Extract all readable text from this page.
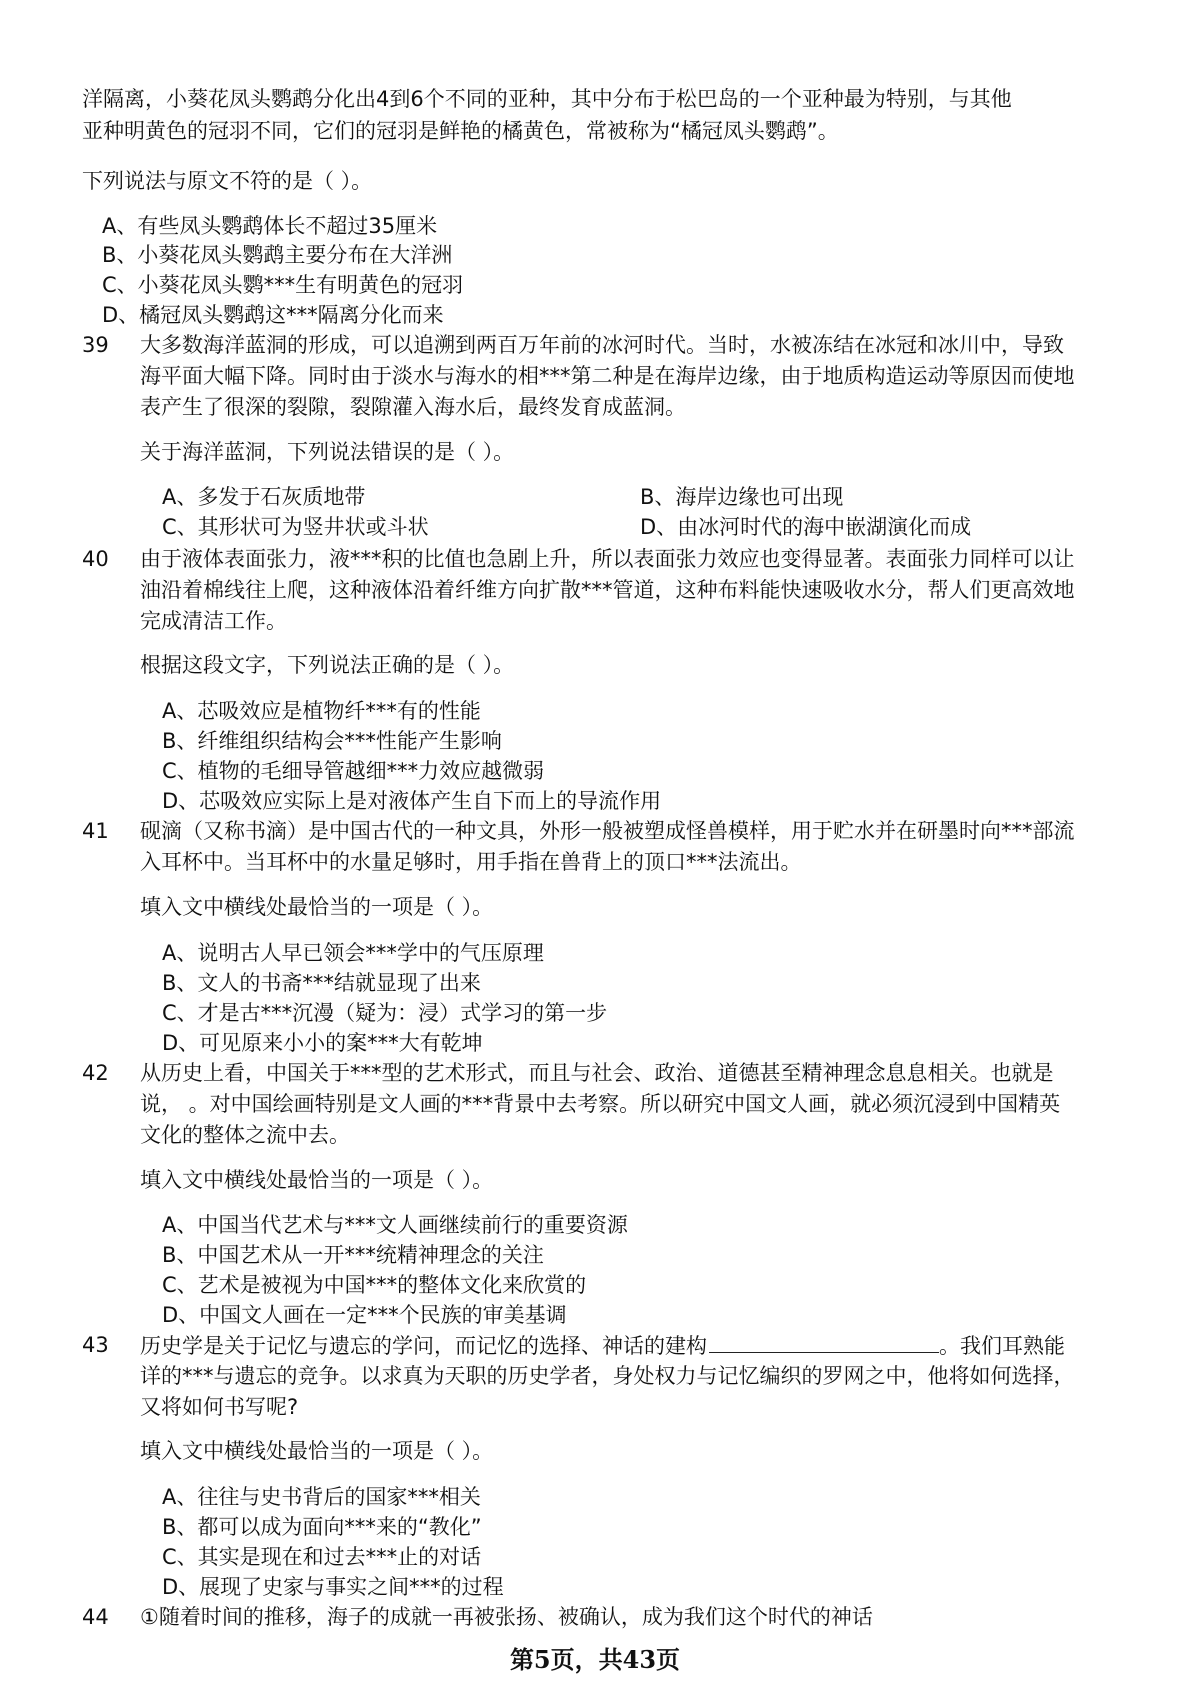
洋隔离，小葵花凤头鹦鹉分化出4到6个不同的亚种，其中分布于松巴岛的一个亚种最为特别，与其他
亚种明黄色的冠羽不同，它们的冠羽是鲜艳的橘黄色，常被称为“橘冠凤头鹦鹉”。
下列说法与原文不符的是（ ）。
A、有些凤头鹦鹉体长不超过35厘米
B、小葵花凤头鹦鹉主要分布在大洋洲
C、小葵花凤头鹦***生有明黄色的冠羽
D、橘冠凤头鹦鹉这***隔离分化而来
39 大多数海洋蓝洞的形成，可以追溯到两百万年前的冰河时代。当时，水被冻结在冰冠和冰川中，导致
海平面大幅下降。同时由于淡水与海水的相***第二种是在海岸边缘，由于地质构造运动等原因而使地
表产生了很深的裂隙，裂隙灌入海水后，最终发育成蓝洞。
关于海洋蓝洞，下列说法错误的是（ ）。
A、多发于石灰质地带	B、海岸边缘也可出现
C、其形状可为竖井状或斗状	D、由冰河时代的海中嵌湖演化而成
40 由于液体表面张力，液***积的比值也急剧上升，所以表面张力效应也变得显著。表面张力同样可以让
油沿着棉线往上爬，这种液体沿着纤维方向扩散***管道，这种布料能快速吸收水分，帮人们更高效地
完成清洁工作。
根据这段文字，下列说法正确的是（ ）。
A、芯吸效应是植物纤***有的性能
B、纤维组织结构会***性能产生影响
C、植物的毛细导管越细***力效应越微弱
D、芯吸效应实际上是对液体产生自下而上的导流作用
41 砚滴（又称书滴）是中国古代的一种文具，外形一般被塑成怪兽模样，用于贮水并在研墨时向***部流
入耳杯中。当耳杯中的水量足够时，用手指在兽背上的顶口***法流出。
填入文中横线处最恰当的一项是（ ）。
A、说明古人早已领会***学中的气压原理
B、文人的书斋***结就显现了出来
C、才是古***沉漫（疑为：浸）式学习的第一步
D、可见原来小小的案***大有乾坤
42 从历史上看，中国关于***型的艺术形式，而且与社会、政治、道德甚至精神理念息息相关。也就是
说， 。对中国绘画特别是文人画的***背景中去考察。所以研究中国文人画，就必须沉浸到中国精英
文化的整体之流中去。
填入文中横线处最恰当的一项是（ ）。
A、中国当代艺术与***文人画继续前行的重要资源
B、中国艺术从一开***统精神理念的关注
C、艺术是被视为中国***的整体文化来欣赏的
D、中国文人画在一定***个民族的审美基调
43 历史学是关于记忆与遗忘的学问，而记忆的选择、神话的建构	。我们耳熟能
详的***与遗忘的竞争。以求真为天职的历史学者，身处权力与记忆编织的罗网之中，他将如何选择，
又将如何书写呢?
填入文中横线处最恰当的一项是（ ）。
A、往往与史书背后的国家***相关
B、都可以成为面向***来的“教化”
C、其实是现在和过去***止的对话
D、展现了史家与事实之间***的过程
44 ①随着时间的推移，海子的成就一再被张扬、被确认，成为我们这个时代的神话
第5页，共43页
